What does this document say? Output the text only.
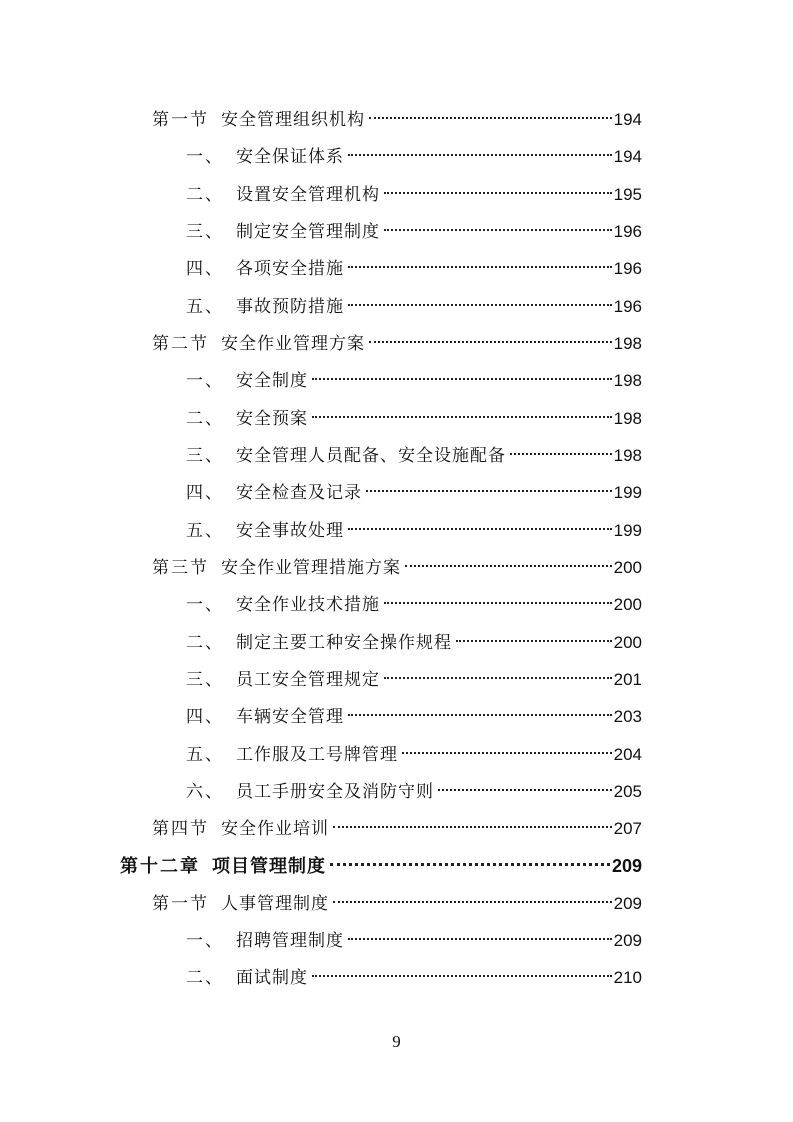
第一节 安全管理组织机构	194
一、 安全保证体系	194
二、 设置安全管理机构	195
三、 制定安全管理制度	196
四、 各项安全措施	196
五、 事故预防措施	196
第二节 安全作业管理方案	198
一、 安全制度	198
二、 安全预案	198
三、 安全管理人员配备、安全设施配备	198
四、 安全检查及记录	199
五、 安全事故处理	199
第三节 安全作业管理措施方案	200
一、 安全作业技术措施	200
二、 制定主要工种安全操作规程	200
三、 员工安全管理规定	201
四、 车辆安全管理	203
五、 工作服及工号牌管理	204
六、 员工手册安全及消防守则	205
第四节 安全作业培训	207
第十二章 项目管理制度	209
第一节 人事管理制度	209
一、 招聘管理制度	209
二、 面试制度	210
9
